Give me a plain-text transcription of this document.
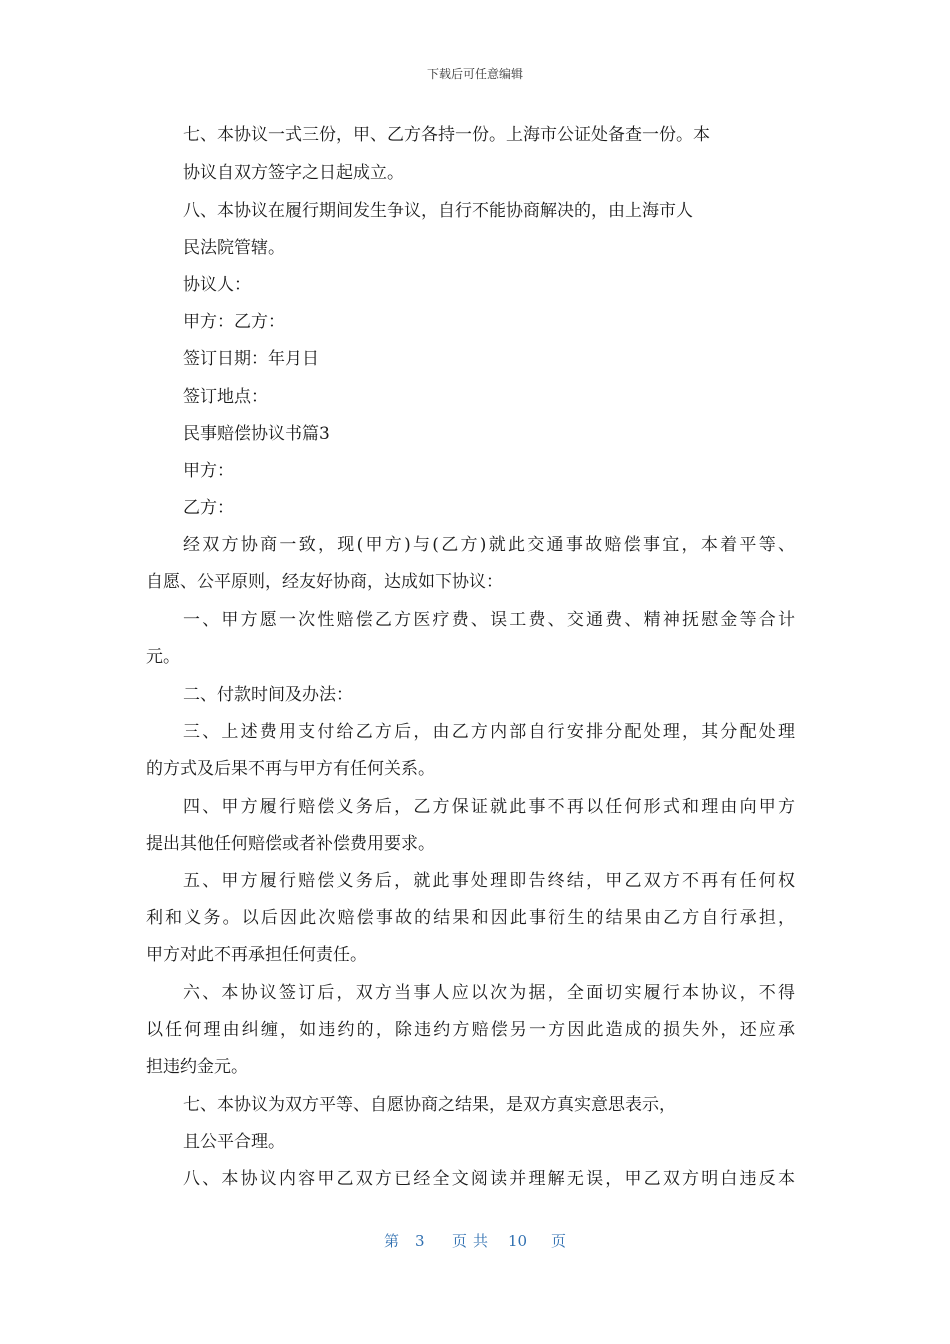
下载后可任意编辑
七、本协议一式三份，甲、乙方各持一份。上海市公证处备查一份。本
协议自双方签字之日起成立。
八、本协议在履行期间发生争议，自行不能协商解决的，由上海市人
民法院管辖。
协议人：
甲方：乙方：
签订日期：年月日
签订地点：
民事赔偿协议书篇3
甲方：
乙方：
经双方协商一致，现(甲方)与(乙方)就此交通事故赔偿事宜，本着平等、
自愿、公平原则，经友好协商，达成如下协议：
一、甲方愿一次性赔偿乙方医疗费、误工费、交通费、精神抚慰金等合计
元。
二、付款时间及办法：
三、上述费用支付给乙方后，由乙方内部自行安排分配处理，其分配处理
的方式及后果不再与甲方有任何关系。
四、甲方履行赔偿义务后，乙方保证就此事不再以任何形式和理由向甲方
提出其他任何赔偿或者补偿费用要求。
五、甲方履行赔偿义务后，就此事处理即告终结，甲乙双方不再有任何权
利和义务。以后因此次赔偿事故的结果和因此事衍生的结果由乙方自行承担，
甲方对此不再承担任何责任。
六、本协议签订后，双方当事人应以次为据，全面切实履行本协议，不得
以任何理由纠缠，如违约的，除违约方赔偿另一方因此造成的损失外，还应承
担违约金元。
七、本协议为双方平等、自愿协商之结果，是双方真实意思表示，
且公平合理。
八、本协议内容甲乙双方已经全文阅读并理解无误，甲乙双方明白违反本
第 3 页共 10 页
